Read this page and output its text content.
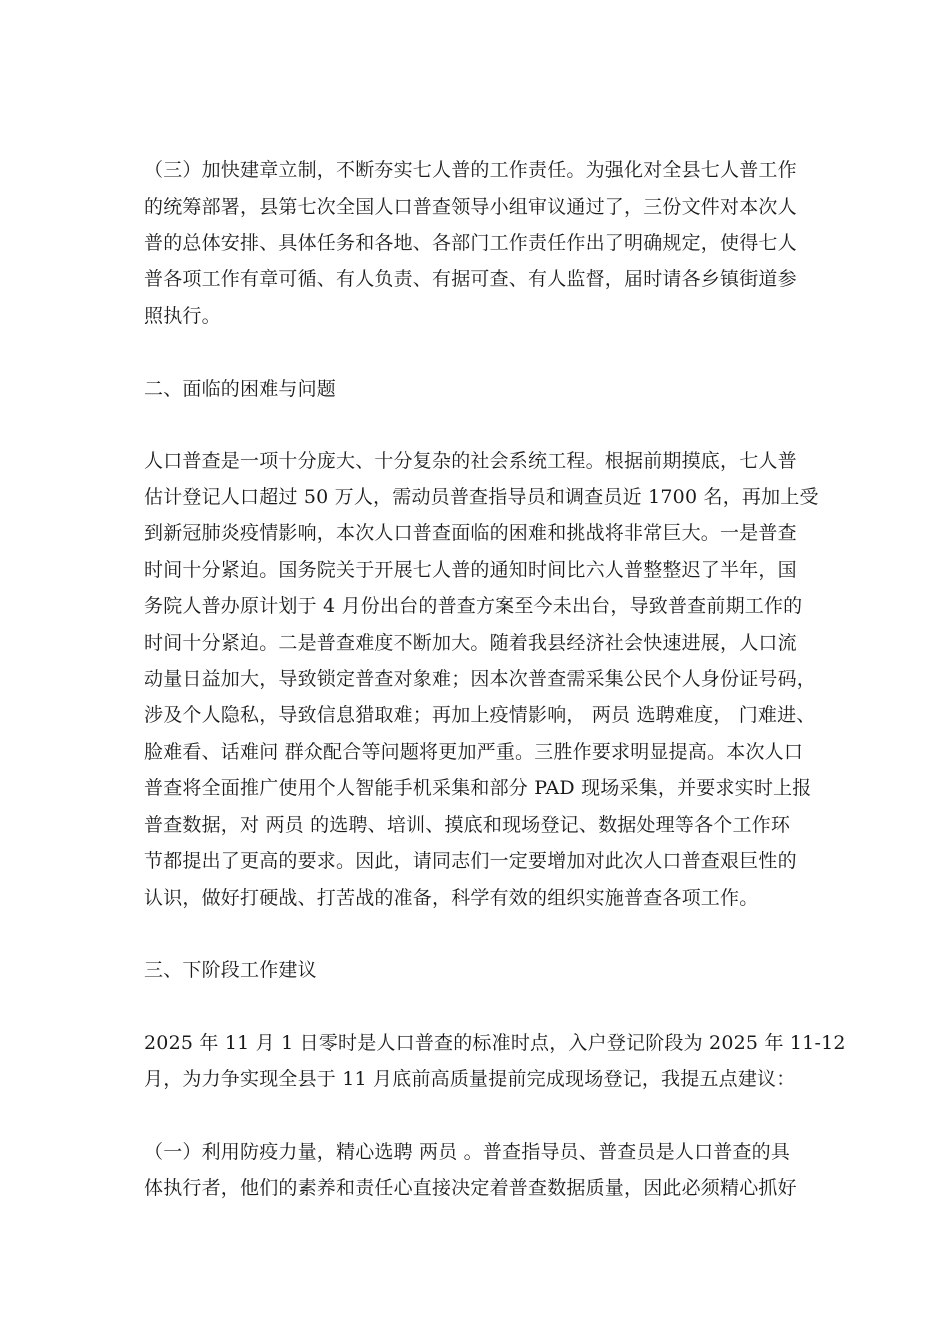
（三）加快建章立制，不断夯实七人普的工作责任。为强化对全县七人普工作
的统筹部署，县第七次全国人口普查领导小组审议通过了，三份文件对本次人
普的总体安排、具体任务和各地、各部门工作责任作出了明确规定，使得七人
普各项工作有章可循、有人负责、有据可查、有人监督，届时请各乡镇街道参
照执行。
二、面临的困难与问题
人口普查是一项十分庞大、十分复杂的社会系统工程。根据前期摸底，七人普
估计登记人口超过 50 万人，需动员普查指导员和调查员近 1700 名，再加上受
到新冠肺炎疫情影响，本次人口普查面临的困难和挑战将非常巨大。一是普查
时间十分紧迫。国务院关于开展七人普的通知时间比六人普整整迟了半年，国
务院人普办原计划于 4 月份出台的普查方案至今未出台，导致普查前期工作的
时间十分紧迫。二是普查难度不断加大。随着我县经济社会快速进展，人口流
动量日益加大，导致锁定普查对象难；因本次普查需采集公民个人身份证号码，
涉及个人隐私，导致信息猎取难；再加上疫情影响， 两员 选聘难度， 门难进、
脸难看、话难问 群众配合等问题将更加严重。三胜作要求明显提高。本次人口
普查将全面推广使用个人智能手机采集和部分 PAD 现场采集，并要求实时上报
普查数据，对 两员 的选聘、培训、摸底和现场登记、数据处理等各个工作环
节都提出了更高的要求。因此，请同志们一定要增加对此次人口普查艰巨性的
认识，做好打硬战、打苦战的准备，科学有效的组织实施普查各项工作。
三、下阶段工作建议
2025 年 11 月 1 日零时是人口普查的标准时点，入户登记阶段为 2025 年 11-12
月，为力争实现全县于 11 月底前高质量提前完成现场登记，我提五点建议：
（一）利用防疫力量，精心选聘 两员 。普查指导员、普查员是人口普查的具
体执行者，他们的素养和责任心直接决定着普查数据质量，因此必须精心抓好
